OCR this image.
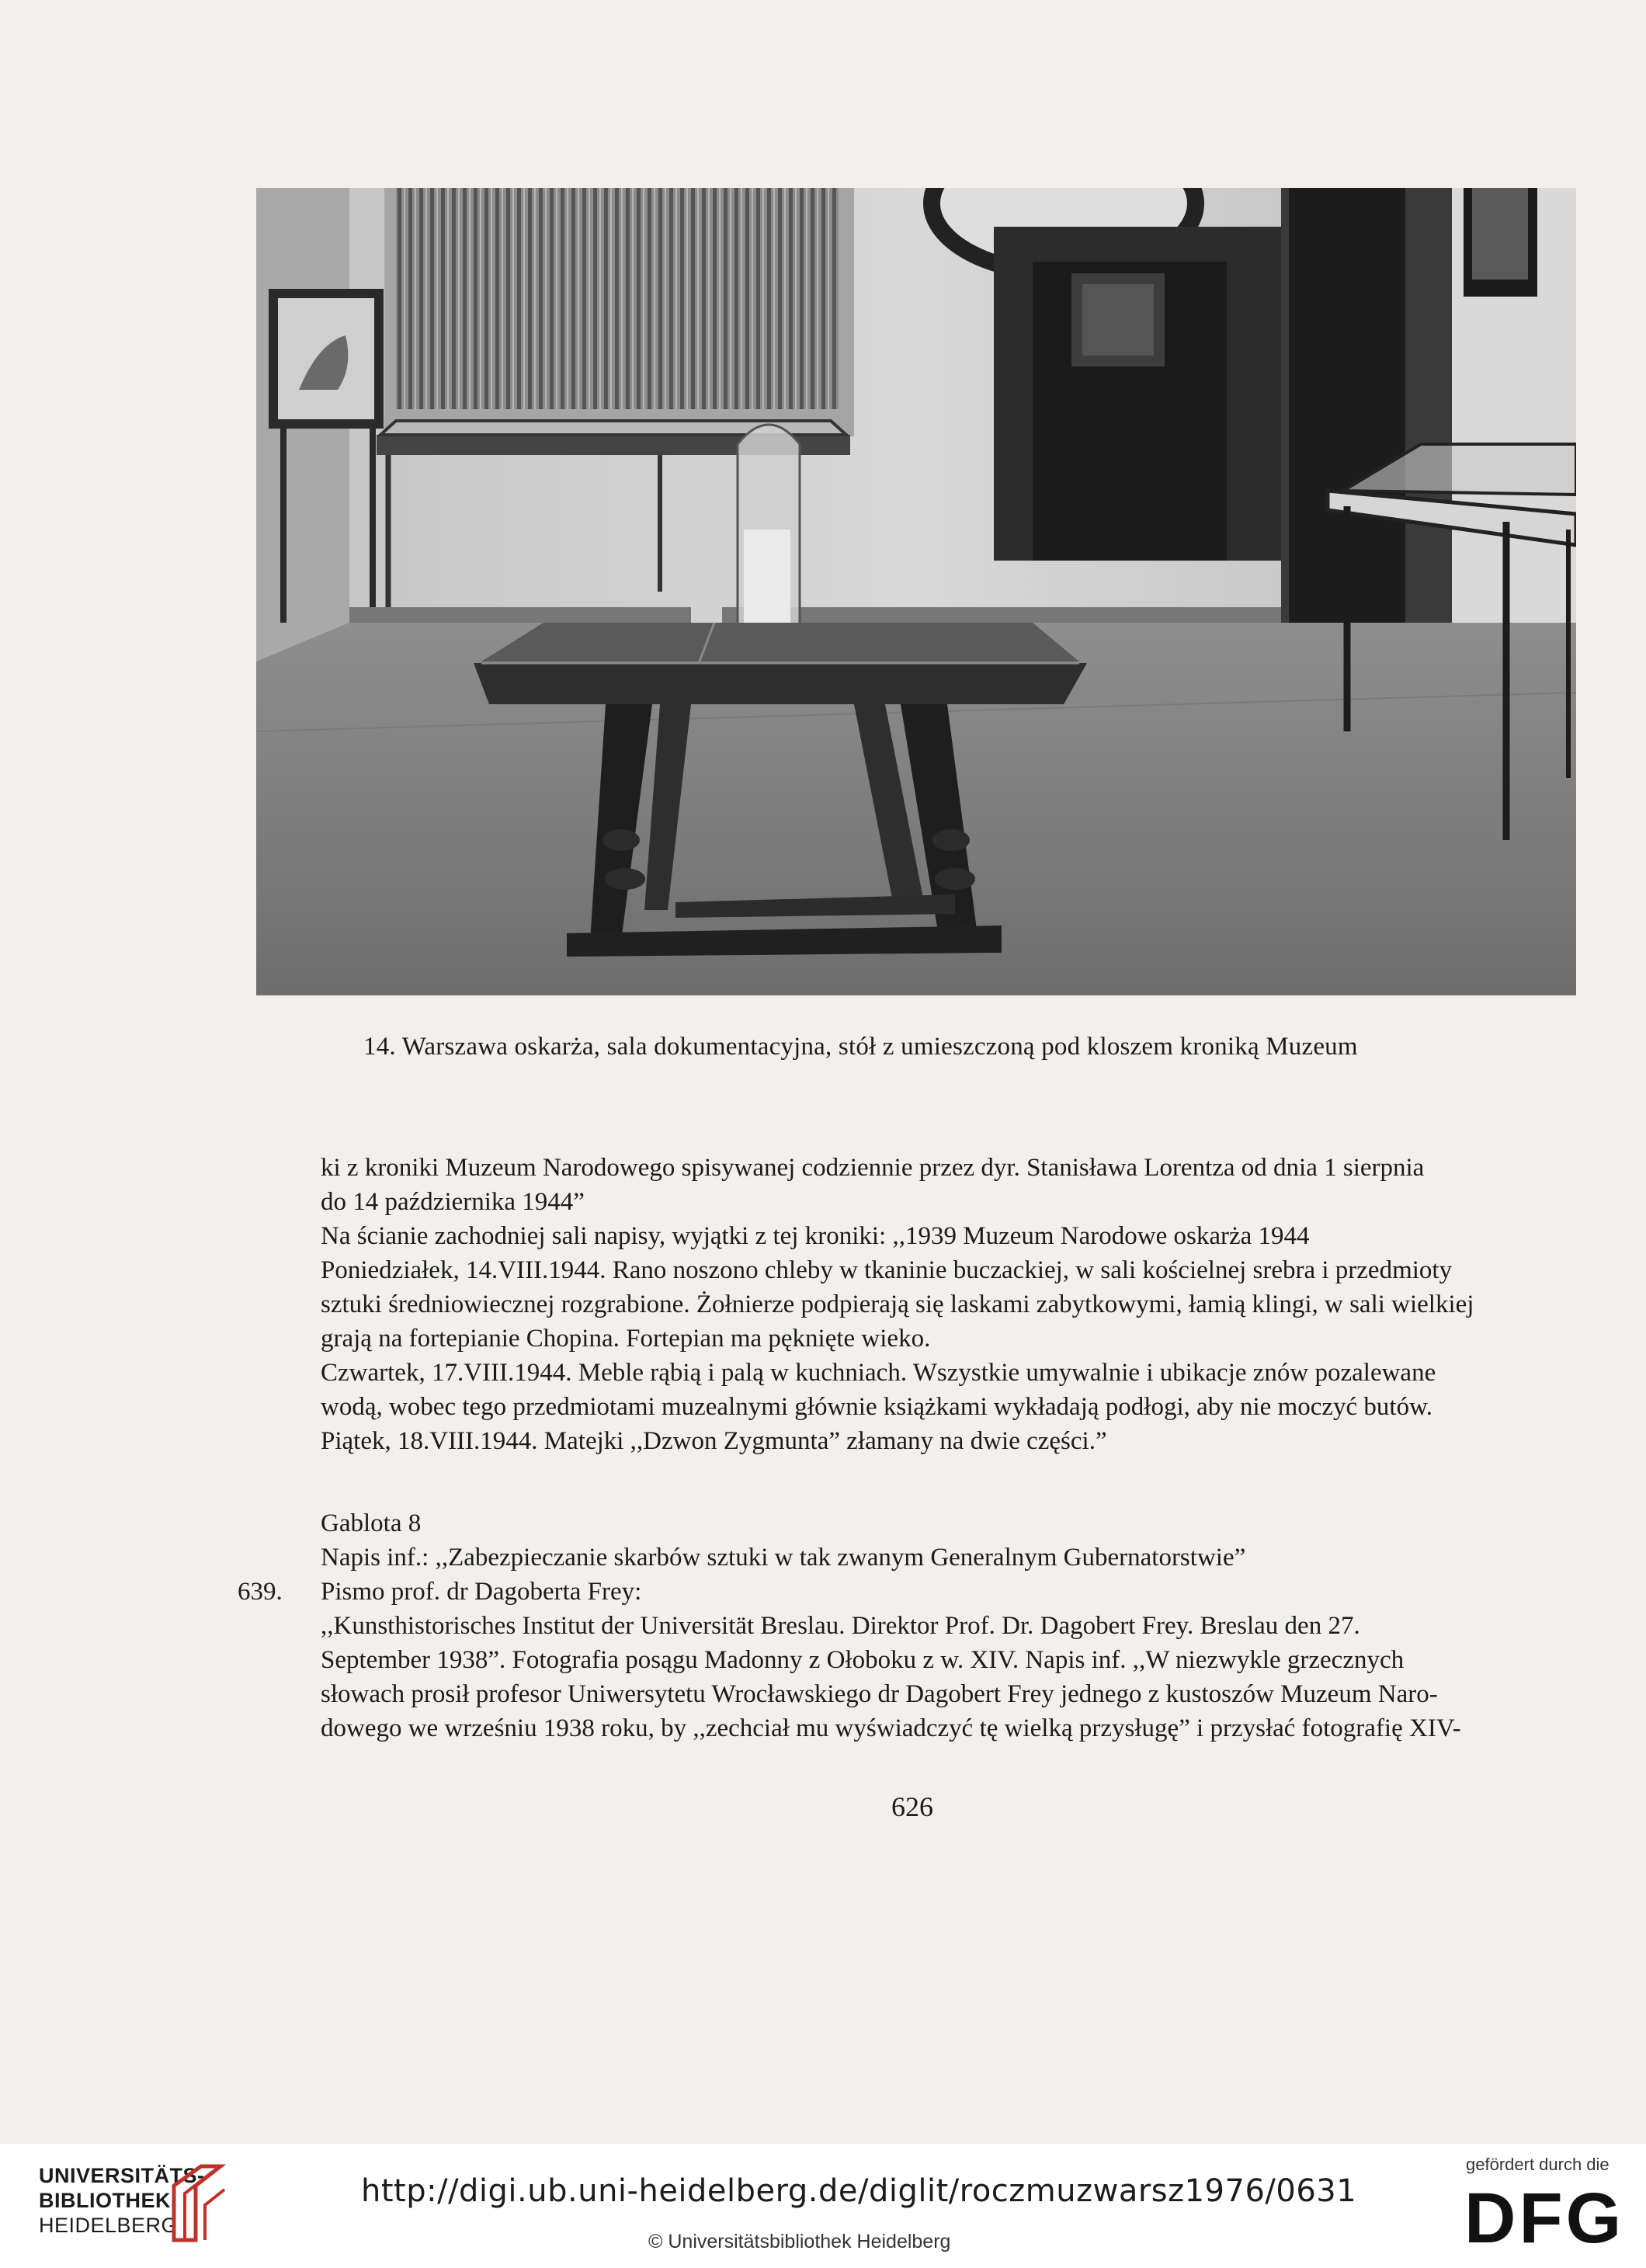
14. Warszawa oskarża, sala dokumentacyjna, stół z umieszczoną pod kloszem kroniką Muzeum
ki z kroniki Muzeum Narodowego spisywanej codziennie przez dyr. Stanisława Lorentza od dnia 1 sierpnia
do 14 października 1944”
Na ścianie zachodniej sali napisy, wyjątki z tej kroniki: ,,1939 Muzeum Narodowe oskarża 1944
Poniedziałek, 14.VIII.1944. Rano noszono chleby w tkaninie buczackiej, w sali kościelnej srebra i przedmioty
sztuki średniowiecznej rozgrabione. Żołnierze podpierają się laskami zabytkowymi, łamią klingi, w sali wielkiej
grają na fortepianie Chopina. Fortepian ma pęknięte wieko.
Czwartek, 17.VIII.1944. Meble rąbią i palą w kuchniach. Wszystkie umywalnie i ubikacje znów pozalewane
wodą, wobec tego przedmiotami muzealnymi głównie książkami wykładają podłogi, aby nie moczyć butów.
Piątek, 18.VIII.1944. Matejki ,,Dzwon Zygmunta” złamany na dwie części.”
Gablota 8
Napis inf.: ,,Zabezpieczanie skarbów sztuki w tak zwanym Generalnym Gubernatorstwie”
639. Pismo prof. dr Dagoberta Frey:
,,Kunsthistorisches Institut der Universität Breslau. Direktor Prof. Dr. Dagobert Frey. Breslau den 27.
September 1938”. Fotografia posągu Madonny z Ołoboku z w. XIV. Napis inf. ,,W niezwykle grzecznych
słowach prosił profesor Uniwersytetu Wrocławskiego dr Dagobert Frey jednego z kustoszów Muzeum Naro-
dowego we wrześniu 1938 roku, by ,,zechciał mu wyświadczyć tę wielką przysługę” i przysłać fotografię XIV-
626
UNIVERSITÄTS-
BIBLIOTHEK
HEIDELBERG
http://digi.ub.uni-heidelberg.de/diglit/roczmuzwarsz1976/0631
© Universitätsbibliothek Heidelberg
gefördert durch die
DFG
